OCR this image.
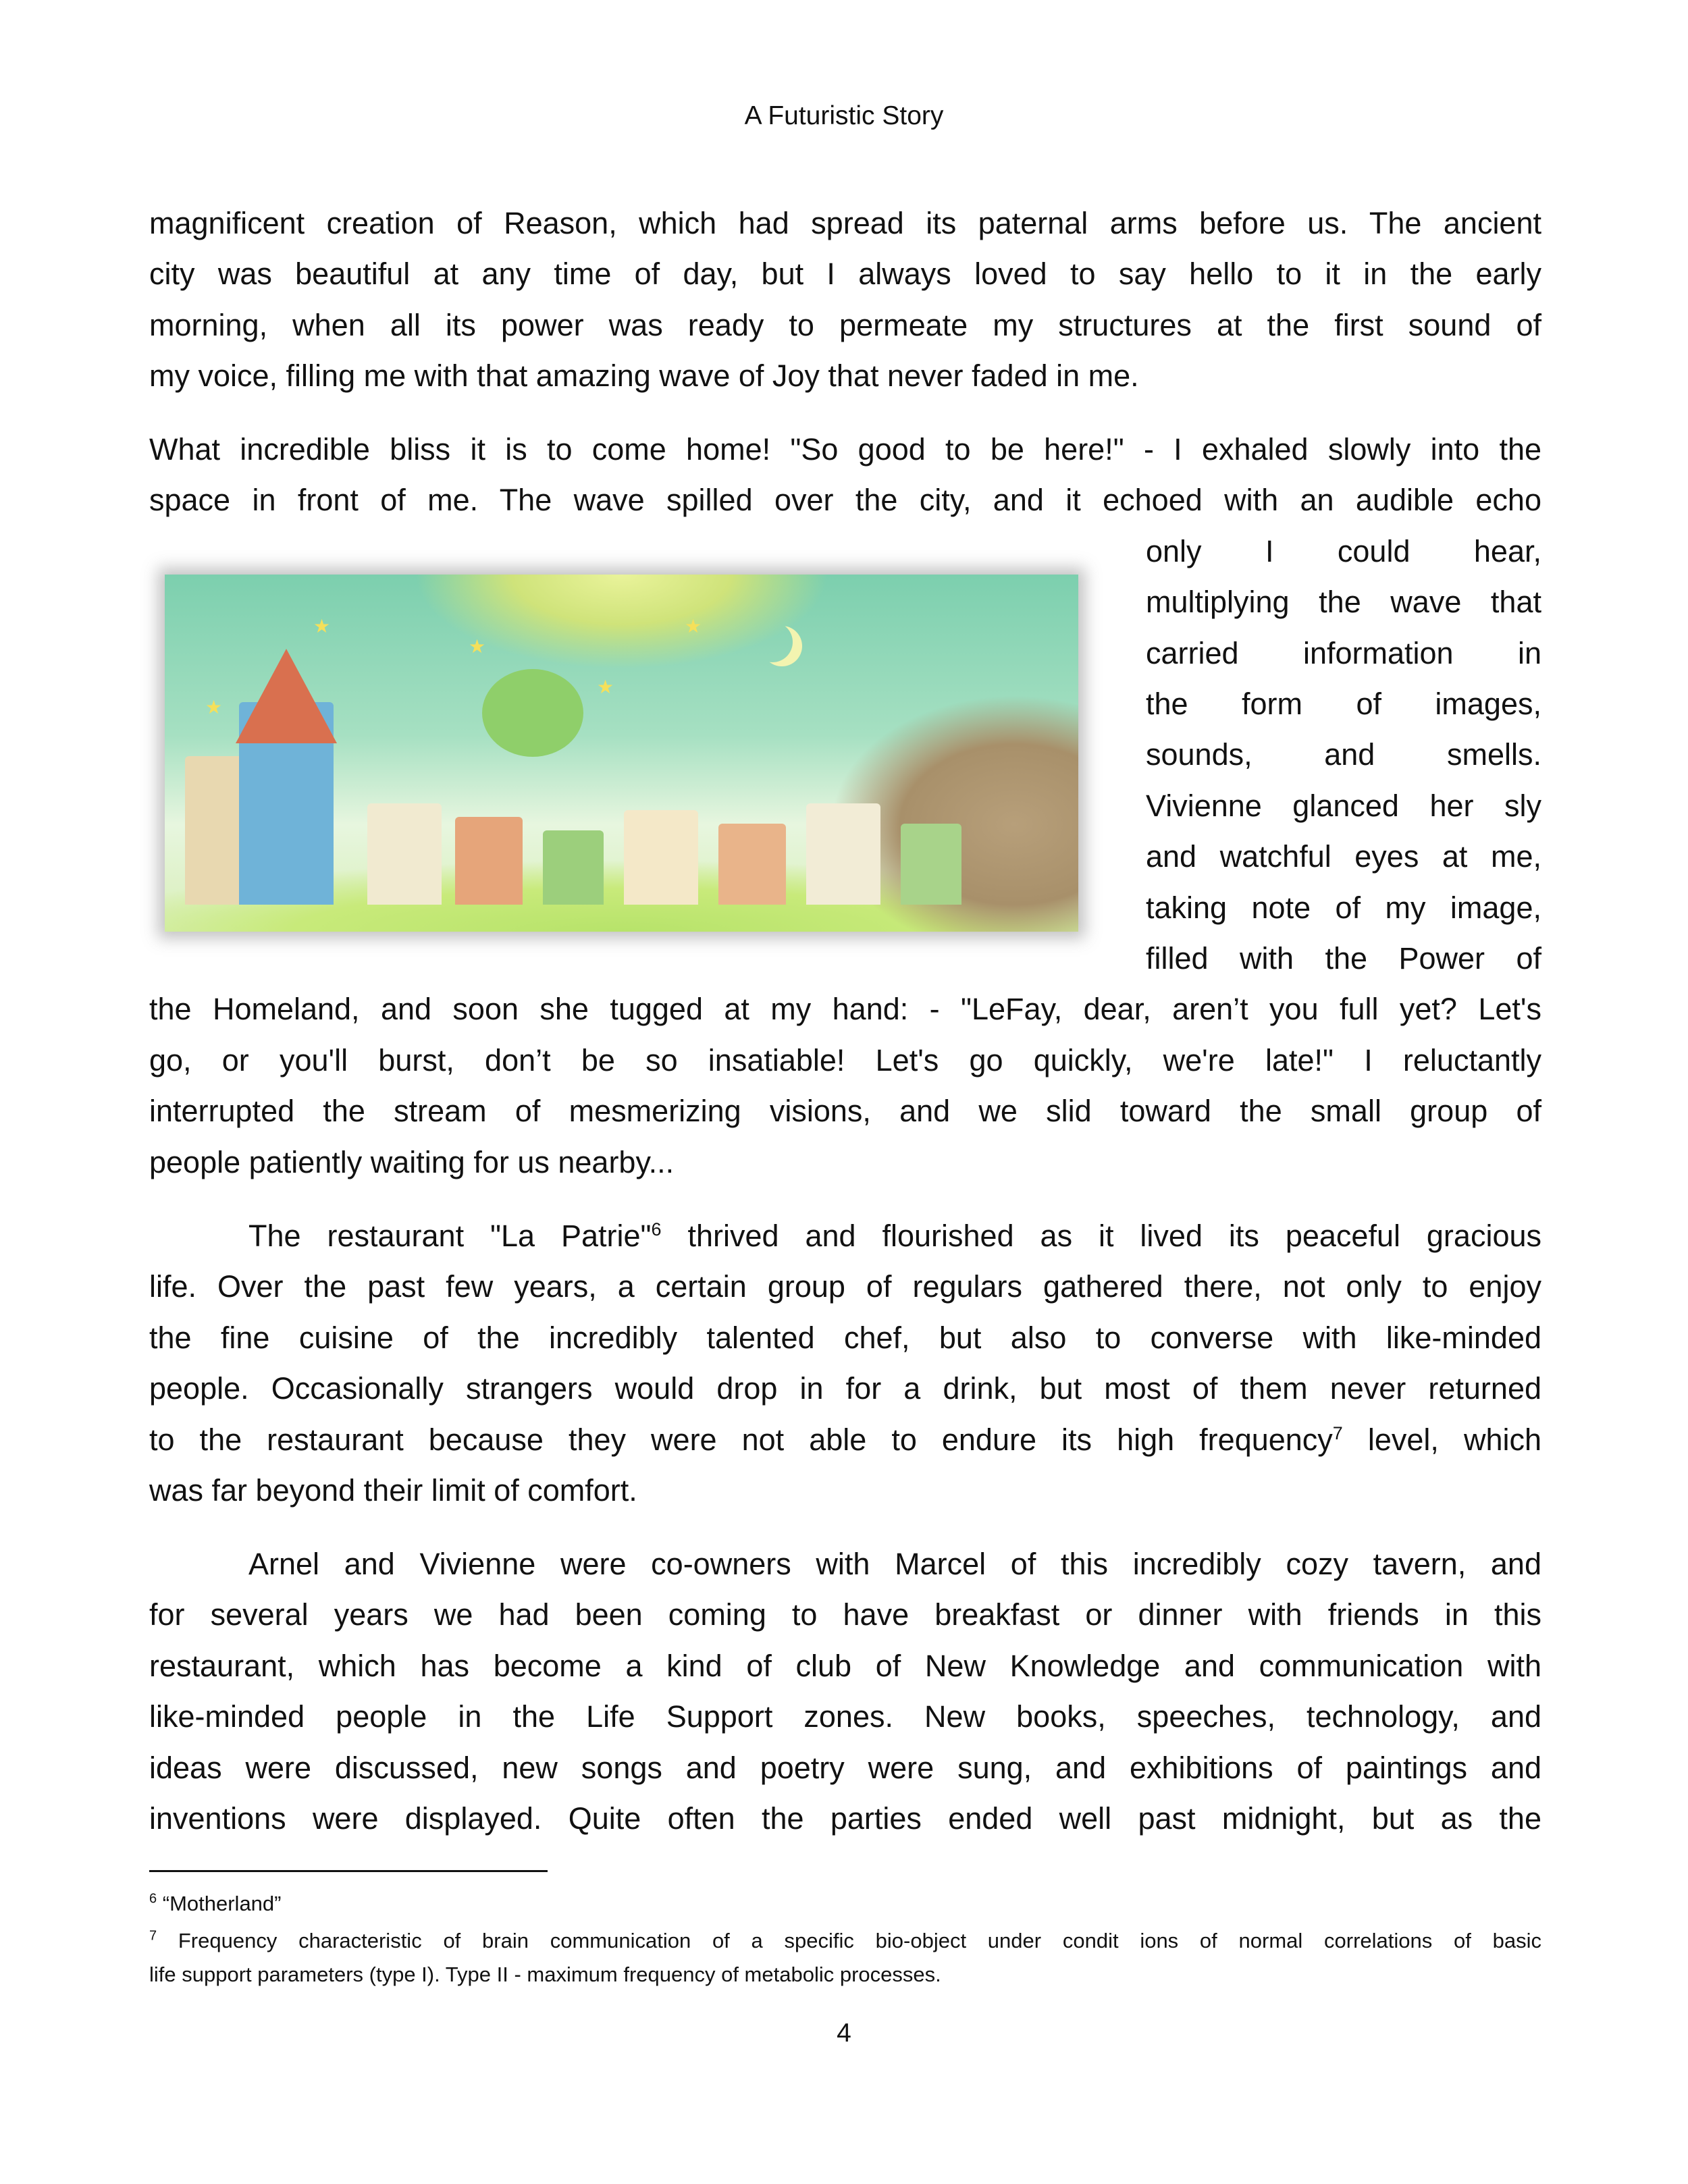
A Futuristic Story
★
★
★
★
★
magnificent creation of Reason, which had spread its paternal arms before us. The ancient
city was beautiful at any time of day, but I always loved to say hello to it in the early
morning, when all its power was ready to permeate my structures at the first sound of
my voice, filling me with that amazing wave of Joy that never faded in me.
What incredible bliss it is to come home! "So good to be here!" - I exhaled slowly into the
space in front of me. The wave spilled over the city, and it echoed with an audible echo
only I could hear,
multiplying the wave that
carried information in
the form of images,
sounds, and smells.
Vivienne glanced her sly
and watchful eyes at me,
taking note of my image,
filled with the Power of
the Homeland, and soon she tugged at my hand: - "LeFay, dear, aren’t you full yet? Let's
go, or you'll burst, don’t be so insatiable! Let's go quickly, we're late!" I reluctantly
interrupted the stream of mesmerizing visions, and we slid toward the small group of
people patiently waiting for us nearby...
The restaurant "La Patrie"$^6$ thrived and flourished as it lived its peaceful gracious
life. Over the past few years, a certain group of regulars gathered there, not only to enjoy
the fine cuisine of the incredibly talented chef, but also to converse with like-minded
people. Occasionally strangers would drop in for a drink, but most of them never returned
to the restaurant because they were not able to endure its high frequency$^7$ level, which
was far beyond their limit of comfort.
Arnel and Vivienne were co-owners with Marcel of this incredibly cozy tavern, and
for several years we had been coming to have breakfast or dinner with friends in this
restaurant, which has become a kind of club of New Knowledge and communication with
like-minded people in the Life Support zones. New books, speeches, technology, and
ideas were discussed, new songs and poetry were sung, and exhibitions of paintings and
inventions were displayed. Quite often the parties ended well past midnight, but as the
$^6$ “Motherland”
$^7$ Frequency characteristic of brain communication of a specific bio-object under condit ions of normal correlations of basic
life support parameters (type I). Type II - maximum frequency of metabolic processes.
4
